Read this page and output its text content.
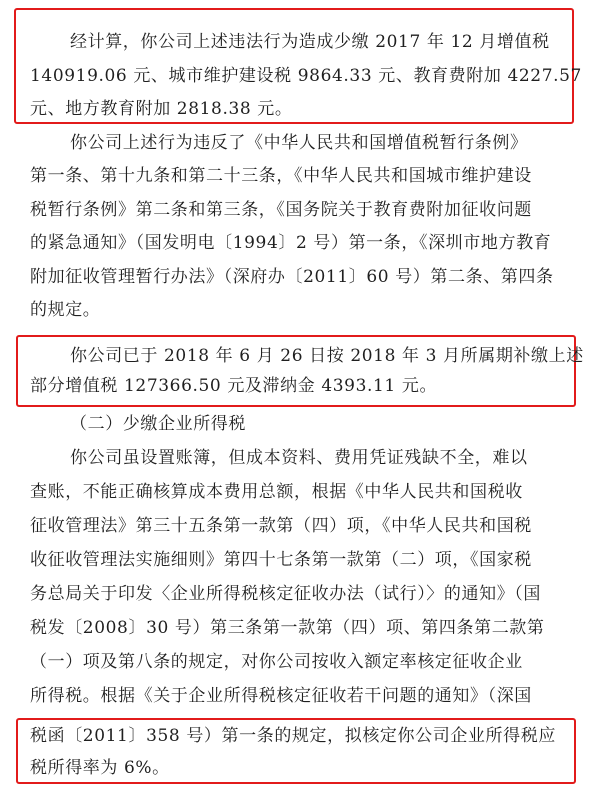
经计算，你公司上述违法行为造成少缴 2017 年 12 月增值税
140919.06 元、城市维护建设税 9864.33 元、教育费附加 4227.57
元、地方教育附加 2818.38 元。
你公司上述行为违反了《中华人民共和国增值税暂行条例》
第一条、第十九条和第二十三条，《中华人民共和国城市维护建设
税暂行条例》第二条和第三条，《国务院关于教育费附加征收问题
的紧急通知》（国发明电〔1994〕2 号）第一条，《深圳市地方教育
附加征收管理暂行办法》（深府办〔2011〕60 号）第二条、第四条
的规定。
你公司已于 2018 年 6 月 26 日按 2018 年 3 月所属期补缴上述
部分增值税 127366.50 元及滞纳金 4393.11 元。
（二）少缴企业所得税
你公司虽设置账簿，但成本资料、费用凭证残缺不全，难以
查账，不能正确核算成本费用总额，根据《中华人民共和国税收
征收管理法》第三十五条第一款第（四）项，《中华人民共和国税
收征收管理法实施细则》第四十七条第一款第（二）项，《国家税
务总局关于印发〈企业所得税核定征收办法（试行）〉的通知》（国
税发〔2008〕30 号）第三条第一款第（四）项、第四条第二款第
（一）项及第八条的规定，对你公司按收入额定率核定征收企业
所得税。根据《关于企业所得税核定征收若干问题的通知》（深国
税函〔2011〕358 号）第一条的规定，拟核定你公司企业所得税应
税所得率为 6%。
